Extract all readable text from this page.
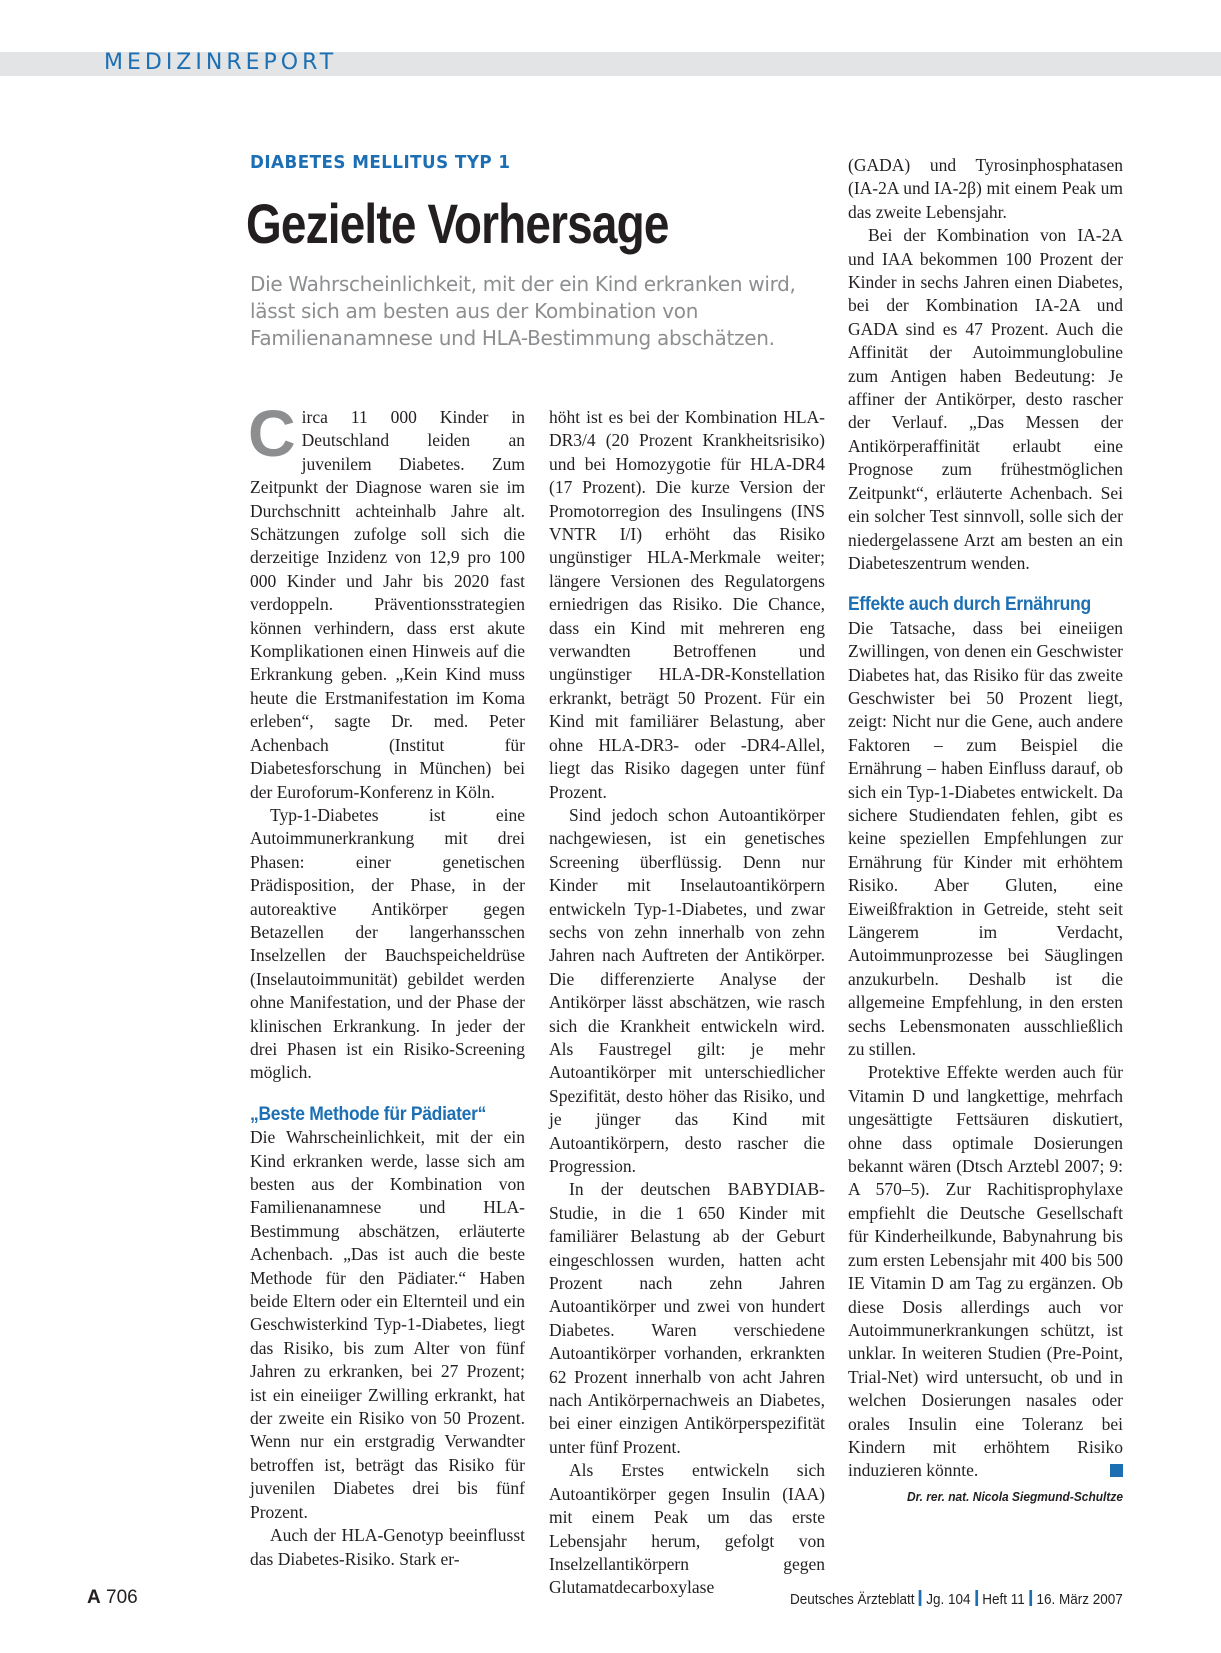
MEDIZINREPORT
DIABETES MELLITUS TYP 1
Gezielte Vorhersage
Die Wahrscheinlichkeit, mit der ein Kind erkranken wird,
lässt sich am besten aus der Kombination von
Familienanamnese und HLA-Bestimmung abschätzen.

Circa 11 000 Kinder in Deutschland leiden an juvenilem Diabetes. Zum Zeitpunkt der Diagnose waren sie im Durchschnitt achteinhalb Jahre alt. Schätzungen zufolge soll sich die derzeitige Inzidenz von 12,9 pro 100 000 Kinder und Jahr bis 2020 fast verdoppeln. Präventionsstrategien können verhindern, dass erst akute Komplikationen einen Hinweis auf die Erkrankung geben. „Kein Kind muss heute die Erstmanifestation im Koma erleben“, sagte Dr. med. Peter Achenbach (Institut für Diabetesforschung in München) bei der Euroforum-Konferenz in Köln.

Typ-1-Diabetes ist eine Autoimmunerkrankung mit drei Phasen: einer genetischen Prädisposition, der Phase, in der autoreaktive Antikörper gegen Betazellen der langerhansschen Inselzellen der Bauchspeicheldrüse (Inselautoimmunität) gebildet werden ohne Manifestation, und der Phase der klinischen Erkrankung. In jeder der drei Phasen ist ein Risiko-Screening möglich.

„Beste Methode für Pädiater“

Die Wahrscheinlichkeit, mit der ein Kind erkranken werde, lasse sich am besten aus der Kombination von Familienanamnese und HLA-Bestimmung abschätzen, erläuterte Achenbach. „Das ist auch die beste Methode für den Pädiater.“ Haben beide Eltern oder ein Elternteil und ein Geschwisterkind Typ-1-Diabetes, liegt das Risiko, bis zum Alter von fünf Jahren zu erkranken, bei 27 Prozent; ist ein eineiiger Zwilling erkrankt, hat der zweite ein Risiko von 50 Prozent. Wenn nur ein erstgradig Verwandter betroffen ist, beträgt das Risiko für juvenilen Diabetes drei bis fünf Prozent.

Auch der HLA-Genotyp beeinflusst das Diabetes-Risiko. Stark er-

höht ist es bei der Kombination HLA-DR3/4 (20 Prozent Krankheitsrisiko) und bei Homozygotie für HLA-DR4 (17 Prozent). Die kurze Version der Promotorregion des Insulingens (INS VNTR I/I) erhöht das Risiko ungünstiger HLA-Merkmale weiter; längere Versionen des Regulatorgens erniedrigen das Risiko. Die Chance, dass ein Kind mit mehreren eng verwandten Betroffenen und ungünstiger HLA-DR-Konstellation erkrankt, beträgt 50 Prozent. Für ein Kind mit familiärer Belastung, aber ohne HLA-DR3- oder -DR4-Allel, liegt das Risiko dagegen unter fünf Prozent.

Sind jedoch schon Autoantikörper nachgewiesen, ist ein genetisches Screening überflüssig. Denn nur Kinder mit Inselautoantikörpern entwickeln Typ-1-Diabetes, und zwar sechs von zehn innerhalb von zehn Jahren nach Auftreten der Antikörper. Die differenzierte Analyse der Antikörper lässt abschätzen, wie rasch sich die Krankheit entwickeln wird. Als Faustregel gilt: je mehr Autoantikörper mit unterschiedlicher Spezifität, desto höher das Risiko, und je jünger das Kind mit Autoantikörpern, desto rascher die Progression.

In der deutschen BABYDIAB-Studie, in die 1 650 Kinder mit familiärer Belastung ab der Geburt eingeschlossen wurden, hatten acht Prozent nach zehn Jahren Autoantikörper und zwei von hundert Diabetes. Waren verschiedene Autoantikörper vorhanden, erkrankten 62 Prozent innerhalb von acht Jahren nach Antikörpernachweis an Diabetes, bei einer einzigen Antikörperspezifität unter fünf Prozent.

Als Erstes entwickeln sich Autoantikörper gegen Insulin (IAA) mit einem Peak um das erste Lebensjahr herum, gefolgt von Inselzellantikörpern gegen Glutamatdecarboxylase

(GADA) und Tyrosinphosphatasen (IA-2A und IA-2β) mit einem Peak um das zweite Lebensjahr.

Bei der Kombination von IA-2A und IAA bekommen 100 Prozent der Kinder in sechs Jahren einen Diabetes, bei der Kombination IA-2A und GADA sind es 47 Prozent. Auch die Affinität der Autoimmunglobuline zum Antigen haben Bedeutung: Je affiner der Antikörper, desto rascher der Verlauf. „Das Messen der Antikörperaffinität erlaubt eine Prognose zum frühestmöglichen Zeitpunkt“, erläuterte Achenbach. Sei ein solcher Test sinnvoll, solle sich der niedergelassene Arzt am besten an ein Diabeteszentrum wenden.

Effekte auch durch Ernährung

Die Tatsache, dass bei eineiigen Zwillingen, von denen ein Geschwister Diabetes hat, das Risiko für das zweite Geschwister bei 50 Prozent liegt, zeigt: Nicht nur die Gene, auch andere Faktoren – zum Beispiel die Ernährung – haben Einfluss darauf, ob sich ein Typ-1-Diabetes entwickelt. Da sichere Studiendaten fehlen, gibt es keine speziellen Empfehlungen zur Ernährung für Kinder mit erhöhtem Risiko. Aber Gluten, eine Eiweißfraktion in Getreide, steht seit Längerem im Verdacht, Autoimmunprozesse bei Säuglingen anzukurbeln. Deshalb ist die allgemeine Empfehlung, in den ersten sechs Lebensmonaten ausschließlich zu stillen.

Protektive Effekte werden auch für Vitamin D und langkettige, mehrfach ungesättigte Fettsäuren diskutiert, ohne dass optimale Dosierungen bekannt wären (Dtsch Arztebl 2007; 9: A 570–5). Zur Rachitisprophylaxe empfiehlt die Deutsche Gesellschaft für Kinderheilkunde, Babynahrung bis zum ersten Lebensjahr mit 400 bis 500 IE Vitamin D am Tag zu ergänzen. Ob diese Dosis allerdings auch vor Autoimmunerkrankungen schützt, ist unklar. In weiteren Studien (Pre-Point, Trial-Net) wird untersucht, ob und in welchen Dosierungen nasales oder orales Insulin eine Toleranz bei Kindern mit erhöhtem Risiko induzieren könnte.

Dr. rer. nat. Nicola Siegmund-Schultze
A 706	Deutsches Ärzteblatt Jg. 104 Heft 11 16. März 2007
